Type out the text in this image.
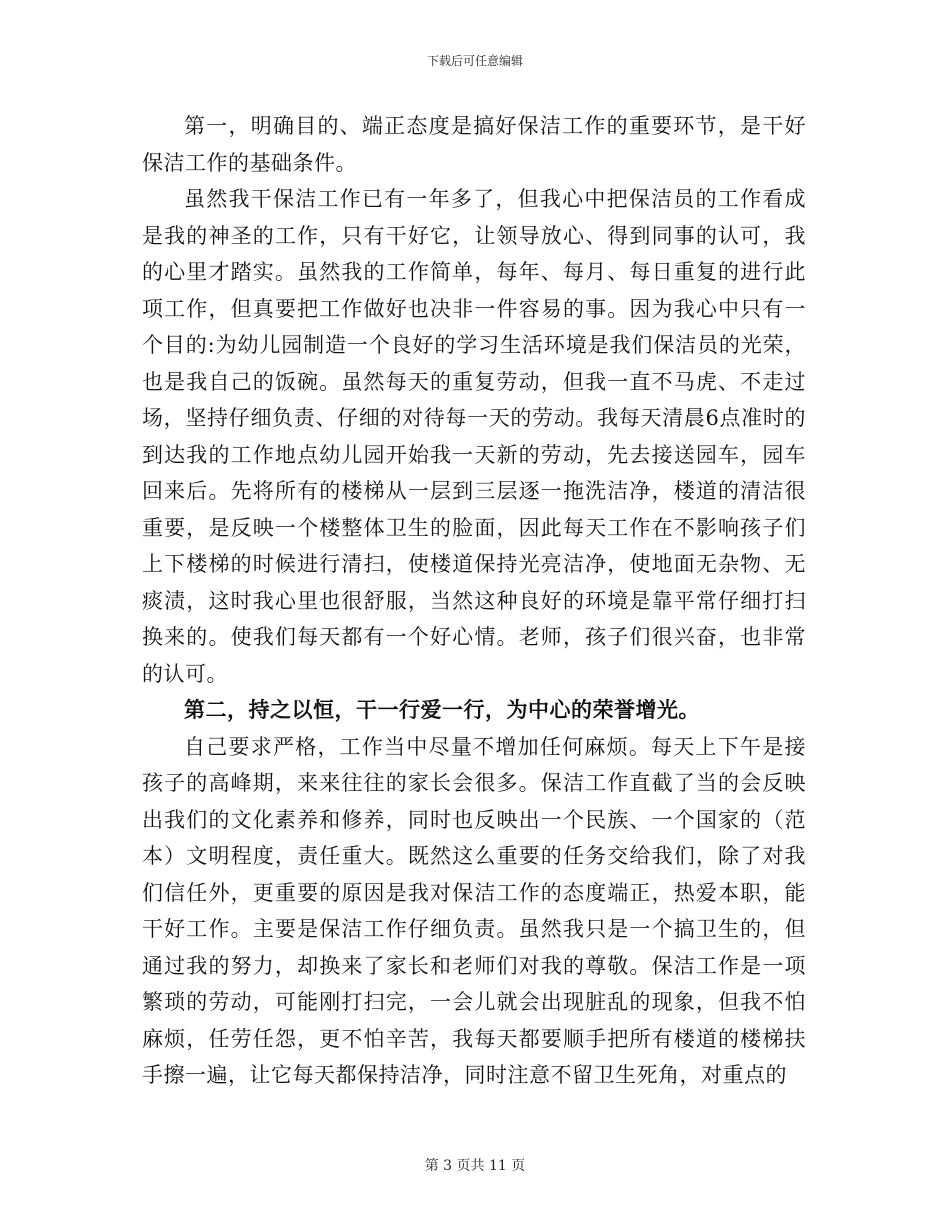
下载后可任意编辑

第一，明确目的、端正态度是搞好保洁工作的重要环节，是干好保洁工作的基础条件。

虽然我干保洁工作已有一年多了，但我心中把保洁员的工作看成是我的神圣的工作，只有干好它，让领导放心、得到同事的认可，我的心里才踏实。虽然我的工作简单，每年、每月、每日重复的进行此项工作，但真要把工作做好也决非一件容易的事。因为我心中只有一个目的:为幼儿园制造一个良好的学习生活环境是我们保洁员的光荣，也是我自己的饭碗。虽然每天的重复劳动，但我一直不马虎、不走过场，坚持仔细负责、仔细的对待每一天的劳动。我每天清晨6点准时的到达我的工作地点幼儿园开始我一天新的劳动，先去接送园车，园车回来后。先将所有的楼梯从一层到三层逐一拖洗洁净，楼道的清洁很重要，是反映一个楼整体卫生的脸面，因此每天工作在不影响孩子们上下楼梯的时候进行清扫，使楼道保持光亮洁净，使地面无杂物、无痰渍，这时我心里也很舒服，当然这种良好的环境是靠平常仔细打扫换来的。使我们每天都有一个好心情。老师，孩子们很兴奋，也非常的认可。

第二，持之以恒，干一行爱一行，为中心的荣誉增光。

自己要求严格，工作当中尽量不增加任何麻烦。每天上下午是接孩子的高峰期，来来往往的家长会很多。保洁工作直截了当的会反映出我们的文化素养和修养，同时也反映出一个民族、一个国家的（范本）文明程度，责任重大。既然这么重要的任务交给我们，除了对我们信任外，更重要的原因是我对保洁工作的态度端正，热爱本职，能干好工作。主要是保洁工作仔细负责。虽然我只是一个搞卫生的，但通过我的努力，却换来了家长和老师们对我的尊敬。保洁工作是一项繁琐的劳动，可能刚打扫完，一会儿就会出现脏乱的现象，但我不怕麻烦，任劳任怨，更不怕辛苦，我每天都要顺手把所有楼道的楼梯扶手擦一遍，让它每天都保持洁净，同时注意不留卫生死角，对重点的

第 3 页共 11 页
